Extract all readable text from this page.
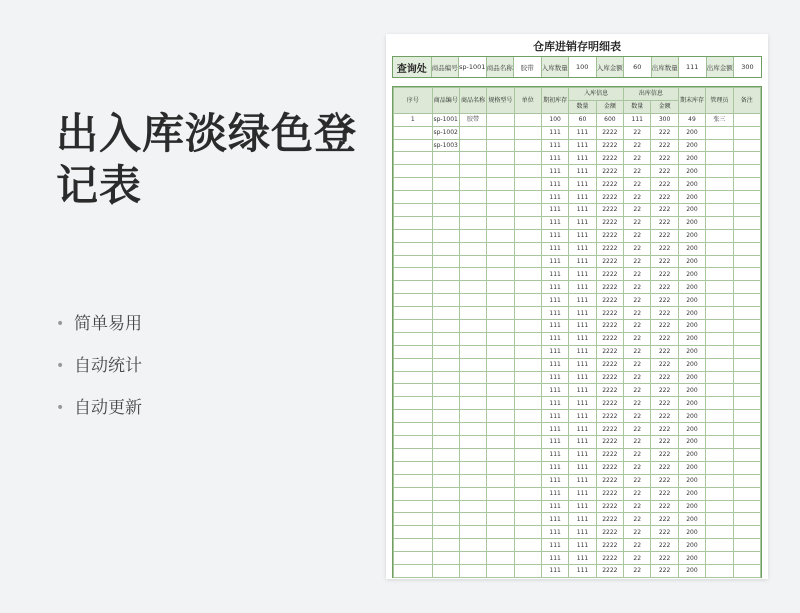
出入库淡绿色登记表
• 简单易用
• 自动统计
• 自动更新
仓库进销存明细表
查询处	商品编号	sp-1001	商品名称	胶带	入库数量	100	入库金额	60	出库数量	111	出库金额	300
序号	商品编号	商品名称	规格型号	单位	期初库存	入库信息		出库信息		期末库存	管理员	备注
						数量	金额	数量	金额			
1	sp-1001	胶带			100	60	600	111	300	49	张三	
	sp-1002				111	111	2222	22	222	200		
	sp-1003				111	111	2222	22	222	200		
					111	111	2222	22	222	200		
					111	111	2222	22	222	200		
					111	111	2222	22	222	200		
					111	111	2222	22	222	200		
					111	111	2222	22	222	200		
					111	111	2222	22	222	200		
					111	111	2222	22	222	200		
					111	111	2222	22	222	200		
					111	111	2222	22	222	200		
					111	111	2222	22	222	200		
					111	111	2222	22	222	200		
					111	111	2222	22	222	200		
					111	111	2222	22	222	200		
					111	111	2222	22	222	200		
					111	111	2222	22	222	200		
					111	111	2222	22	222	200		
					111	111	2222	22	222	200		
					111	111	2222	22	222	200		
					111	111	2222	22	222	200		
					111	111	2222	22	222	200		
					111	111	2222	22	222	200		
					111	111	2222	22	222	200		
					111	111	2222	22	222	200		
					111	111	2222	22	222	200		
					111	111	2222	22	222	200		
					111	111	2222	22	222	200		
					111	111	2222	22	222	200		
					111	111	2222	22	222	200		
					111	111	2222	22	222	200		
					111	111	2222	22	222	200		
					111	111	2222	22	222	200		
					111	111	2222	22	222	200		
					111	111	2222	22	222	200		
